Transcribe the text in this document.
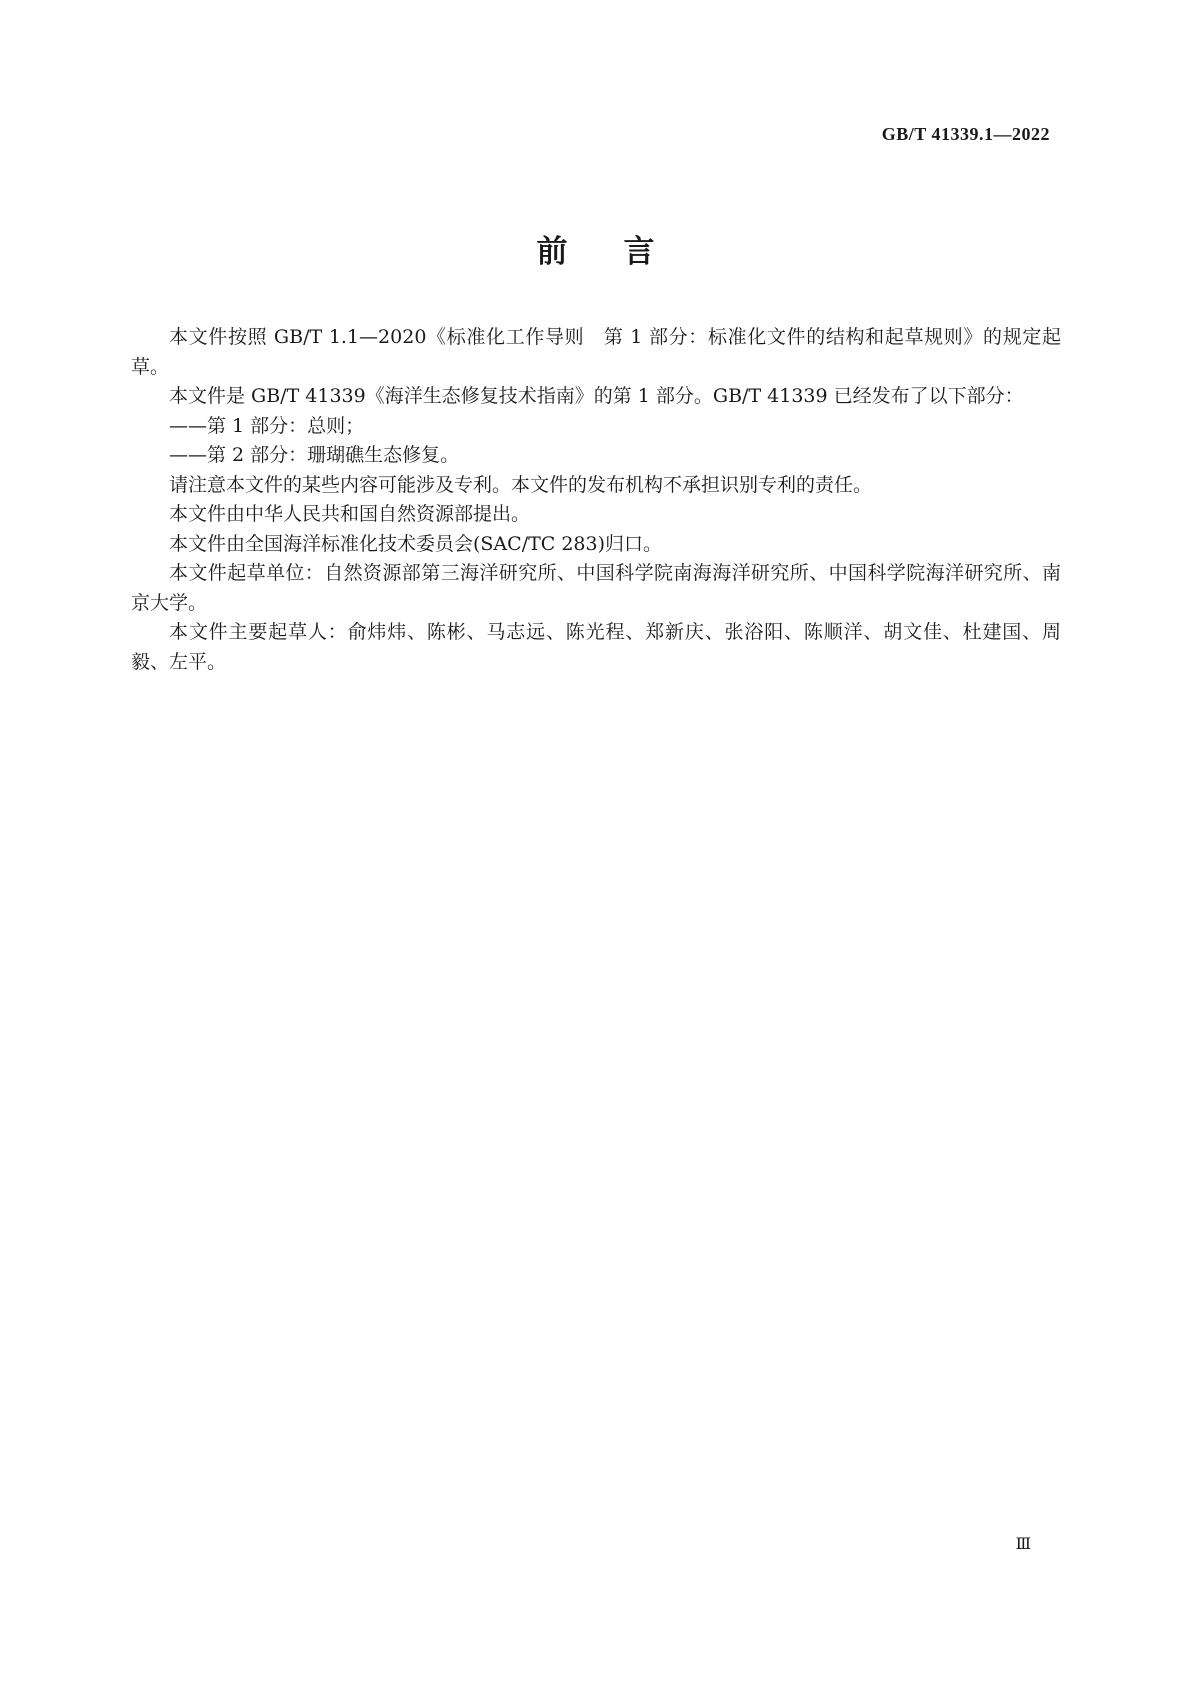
GB/T 41339.1—2022
前言

本文件按照 GB/T 1.1—2020《标准化工作导则　第 1 部分：标准化文件的结构和起草规则》的规定起草。

本文件是 GB/T 41339《海洋生态修复技术指南》的第 1 部分。GB/T 41339 已经发布了以下部分：

——第 1 部分：总则；

——第 2 部分：珊瑚礁生态修复。

请注意本文件的某些内容可能涉及专利。本文件的发布机构不承担识别专利的责任。

本文件由中华人民共和国自然资源部提出。

本文件由全国海洋标准化技术委员会(SAC/TC 283)归口。

本文件起草单位：自然资源部第三海洋研究所、中国科学院南海海洋研究所、中国科学院海洋研究所、南京大学。

本文件主要起草人：俞炜炜、陈彬、马志远、陈光程、郑新庆、张浴阳、陈顺洋、胡文佳、杜建国、周毅、左平。

Ⅲ
